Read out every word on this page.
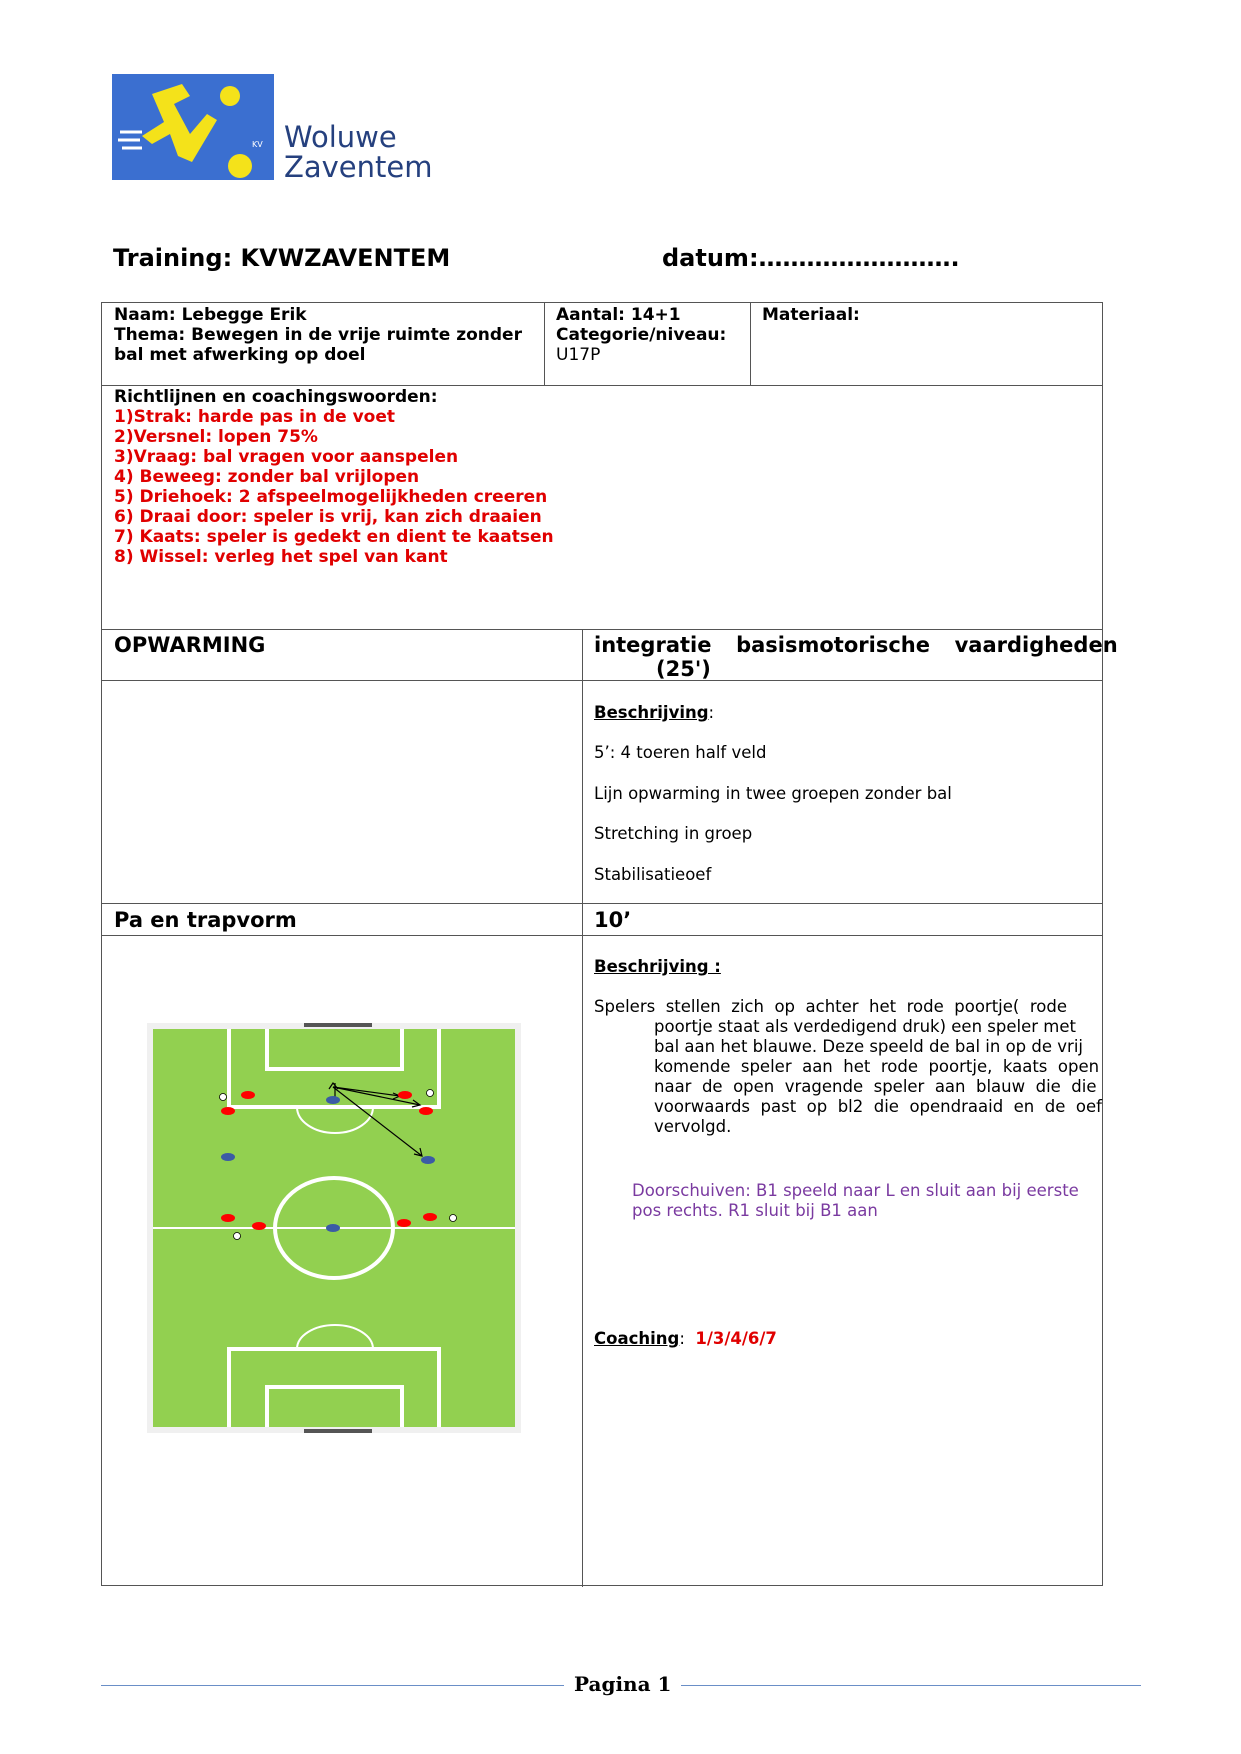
KV Woluwe
Zaventem
Training: KVWZAVENTEM	datum:…………………….
Naam: Lebegge Erik
Thema: Bewegen in de vrije ruimte zonder bal met afwerking op doel
Aantal: 14+1
Categorie/niveau:
U17P
Materiaal:
Richtlijnen en coachingswoorden:
1)Strak: harde pas in de voet
2)Versnel: lopen 75%
3)Vraag: bal vragen voor aanspelen
4) Beweeg: zonder bal vrijlopen
5) Driehoek: 2 afspeelmogelijkheden creeren
6) Draai door: speler is vrij, kan zich draaien
7) Kaats: speler is gedekt en dient te kaatsen
8) Wissel: verleg het spel van kant
OPWARMING	integratie  basismotorische  vaardigheden
(25')
Beschrijving:
5’: 4 toeren half veld
Lijn opwarming in twee groepen zonder bal
Stretching in groep
Stabilisatieoef
Pa en trapvorm	10’
Beschrijving :
Spelers  stellen  zich  op  achter  het  rode  poortje(  rode
poortje staat als verdedigend druk) een speler met
bal aan het blauwe. Deze speeld de bal in op de vrij
komende  speler  aan  het  rode  poortje,  kaats  open
naar  de  open  vragende  speler  aan  blauw  die  die
voorwaards  past  op  bl2  die  opendraaid  en  de  oef
vervolgd.
Doorschuiven: B1 speeld naar L en sluit aan bij eerste
pos rechts. R1 sluit bij B1 aan
Coaching: 1/3/4/6/7
Pagina 1
